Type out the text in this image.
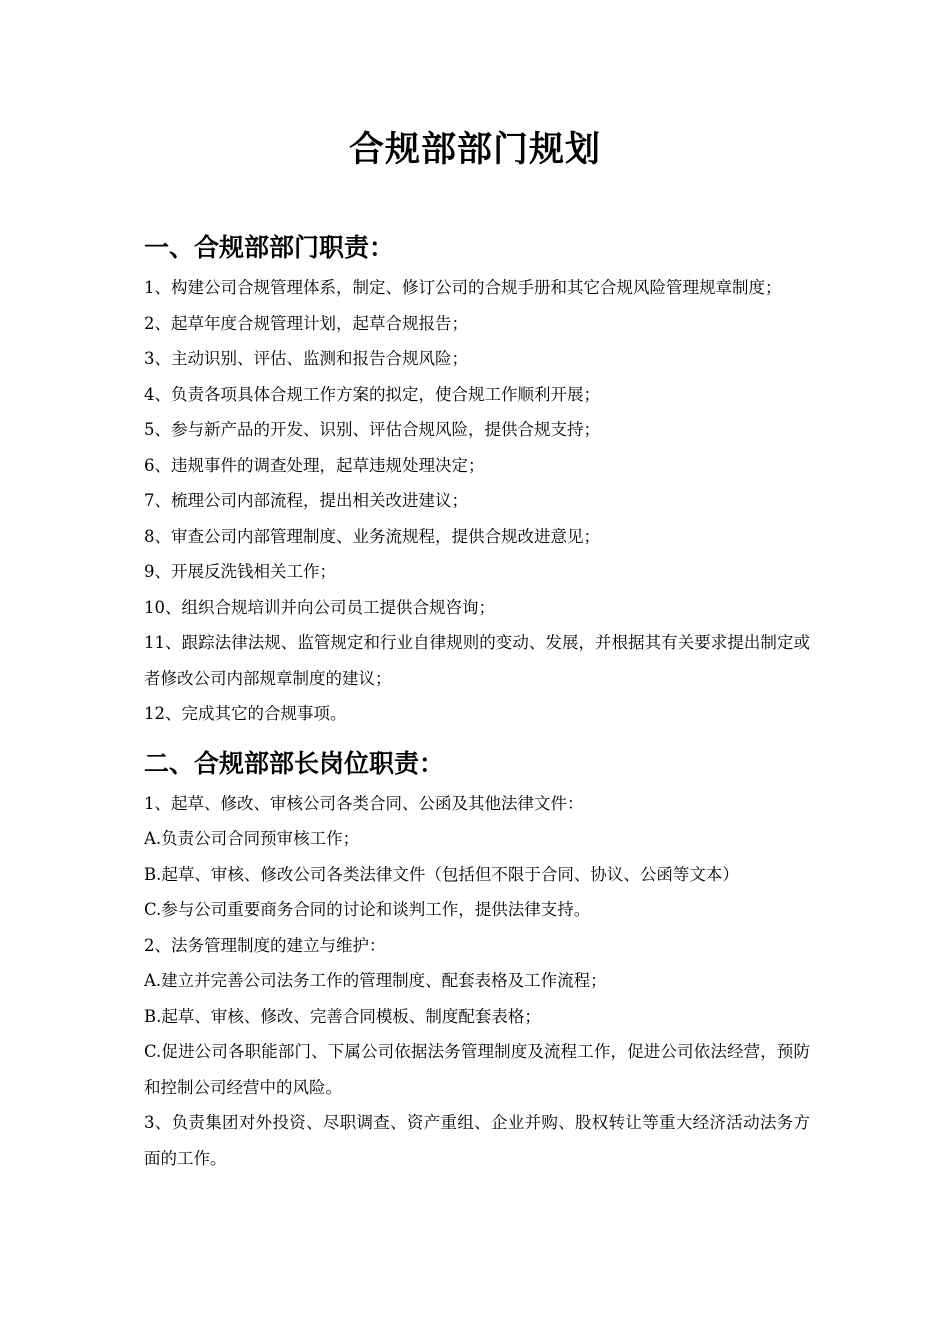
合规部部门规划
一、合规部部门职责：

1、构建公司合规管理体系，制定、修订公司的合规手册和其它合规风险管理规章制度；

2、起草年度合规管理计划，起草合规报告；

3、主动识别、评估、监测和报告合规风险；

4、负责各项具体合规工作方案的拟定，使合规工作顺利开展；

5、参与新产品的开发、识别、评估合规风险，提供合规支持；

6、违规事件的调查处理，起草违规处理决定；

7、梳理公司内部流程，提出相关改进建议；

8、审查公司内部管理制度、业务流规程，提供合规改进意见；

9、开展反洗钱相关工作；

10、组织合规培训并向公司员工提供合规咨询；

11、跟踪法律法规、监管规定和行业自律规则的变动、发展，并根据其有关要求提出制定或者修改公司内部规章制度的建议；

12、完成其它的合规事项。

二、合规部部长岗位职责：

1、起草、修改、审核公司各类合同、公函及其他法律文件：

A.负责公司合同预审核工作；

B.起草、审核、修改公司各类法律文件（包括但不限于合同、协议、公函等文本）

C.参与公司重要商务合同的讨论和谈判工作，提供法律支持。

2、法务管理制度的建立与维护：

A.建立并完善公司法务工作的管理制度、配套表格及工作流程；

B.起草、审核、修改、完善合同模板、制度配套表格；

C.促进公司各职能部门、下属公司依据法务管理制度及流程工作，促进公司依法经营，预防和控制公司经营中的风险。

3、负责集团对外投资、尽职调查、资产重组、企业并购、股权转让等重大经济活动法务方面的工作。
